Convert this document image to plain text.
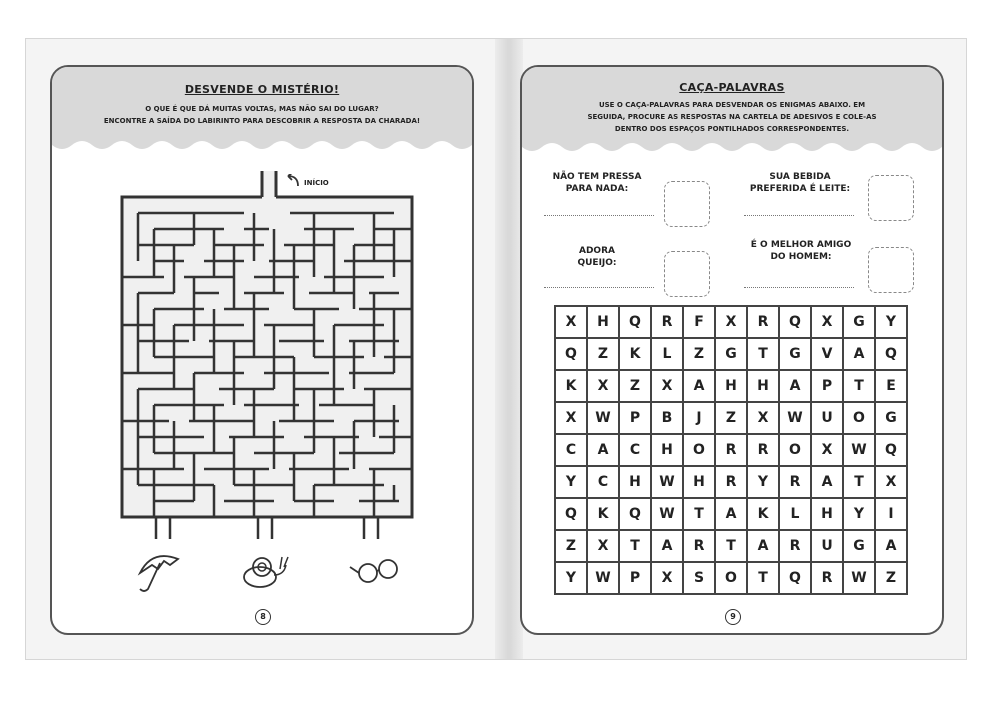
DESVENDE O MISTÉRIO!
O QUE É QUE DÁ MUITAS VOLTAS, MAS NÃO SAI DO LUGAR?
ENCONTRE A SAÍDA DO LABIRINTO PARA DESCOBRIR A RESPOSTA DA CHARADA!
INÍCIO
8
CAÇA-PALAVRAS
USE O CAÇA-PALAVRAS PARA DESVENDAR OS ENIGMAS ABAIXO. EM
SEGUIDA, PROCURE AS RESPOSTAS NA CARTELA DE ADESIVOS E COLE-AS
DENTRO DOS ESPAÇOS PONTILHADOS CORRESPONDENTES.
NÃO TEM PRESSA
PARA NADA:
SUA BEBIDA
PREFERIDA É LEITE:
ADORA
QUEIJO:
É O MELHOR AMIGO
DO HOMEM:
X	H	Q	R	F	X	R	Q	X	G	Y
Q	Z	K	L	Z	G	T	G	V	A	Q
K	X	Z	X	A	H	H	A	P	T	E
X	W	P	B	J	Z	X	W	U	O	G
C	A	C	H	O	R	R	O	X	W	Q
Y	C	H	W	H	R	Y	R	A	T	X
Q	K	Q	W	T	A	K	L	H	Y	I
Z	X	T	A	R	T	A	R	U	G	A
Y	W	P	X	S	O	T	Q	R	W	Z
9
